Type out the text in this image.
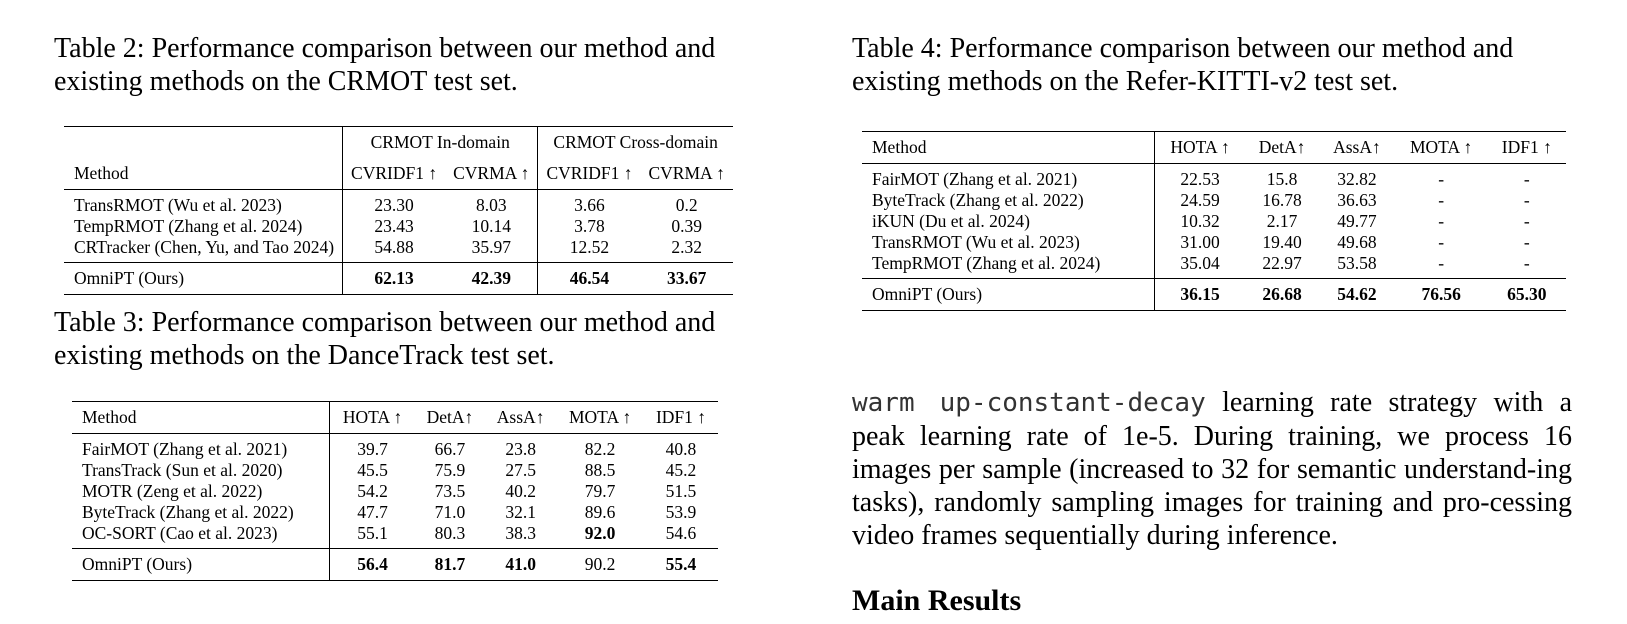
Table 2: Performance comparison between our method and existing methods on the CRMOT test set.
	CRMOT In-domain		CRMOT Cross-domain	
Method	CVRIDF1 ↑	CVRMA ↑	CVRIDF1 ↑	CVRMA ↑
TransRMOT (Wu et al. 2023)	23.30	8.03	3.66	0.2
TempRMOT (Zhang et al. 2024)	23.43	10.14	3.78	0.39
CRTracker (Chen, Yu, and Tao 2024)	54.88	35.97	12.52	2.32
OmniPT (Ours)	62.13	42.39	46.54	33.67
Table 3: Performance comparison between our method and existing methods on the DanceTrack test set.
Method	HOTA ↑	DetA↑	AssA↑	MOTA ↑	IDF1 ↑
FairMOT (Zhang et al. 2021)	39.7	66.7	23.8	82.2	40.8
TransTrack (Sun et al. 2020)	45.5	75.9	27.5	88.5	45.2
MOTR (Zeng et al. 2022)	54.2	73.5	40.2	79.7	51.5
ByteTrack (Zhang et al. 2022)	47.7	71.0	32.1	89.6	53.9
OC-SORT (Cao et al. 2023)	55.1	80.3	38.3	92.0	54.6
OmniPT (Ours)	56.4	81.7	41.0	90.2	55.4
Table 4: Performance comparison between our method and existing methods on the Refer-KITTI-v2 test set.
Method	HOTA ↑	DetA↑	AssA↑	MOTA ↑	IDF1 ↑
FairMOT (Zhang et al. 2021)	22.53	15.8	32.82	-	-
ByteTrack (Zhang et al. 2022)	24.59	16.78	36.63	-	-
iKUN (Du et al. 2024)	10.32	2.17	49.77	-	-
TransRMOT (Wu et al. 2023)	31.00	19.40	49.68	-	-
TempRMOT (Zhang et al. 2024)	35.04	22.97	53.58	-	-
OmniPT (Ours)	36.15	26.68	54.62	76.56	65.30
warm up-constant-decay learning rate strategy with a peak learning rate of 1e-5. During training, we process 16 images per sample (increased to 32 for semantic understand-ing tasks), randomly sampling images for training and pro-cessing video frames sequentially during inference.
Main Results
